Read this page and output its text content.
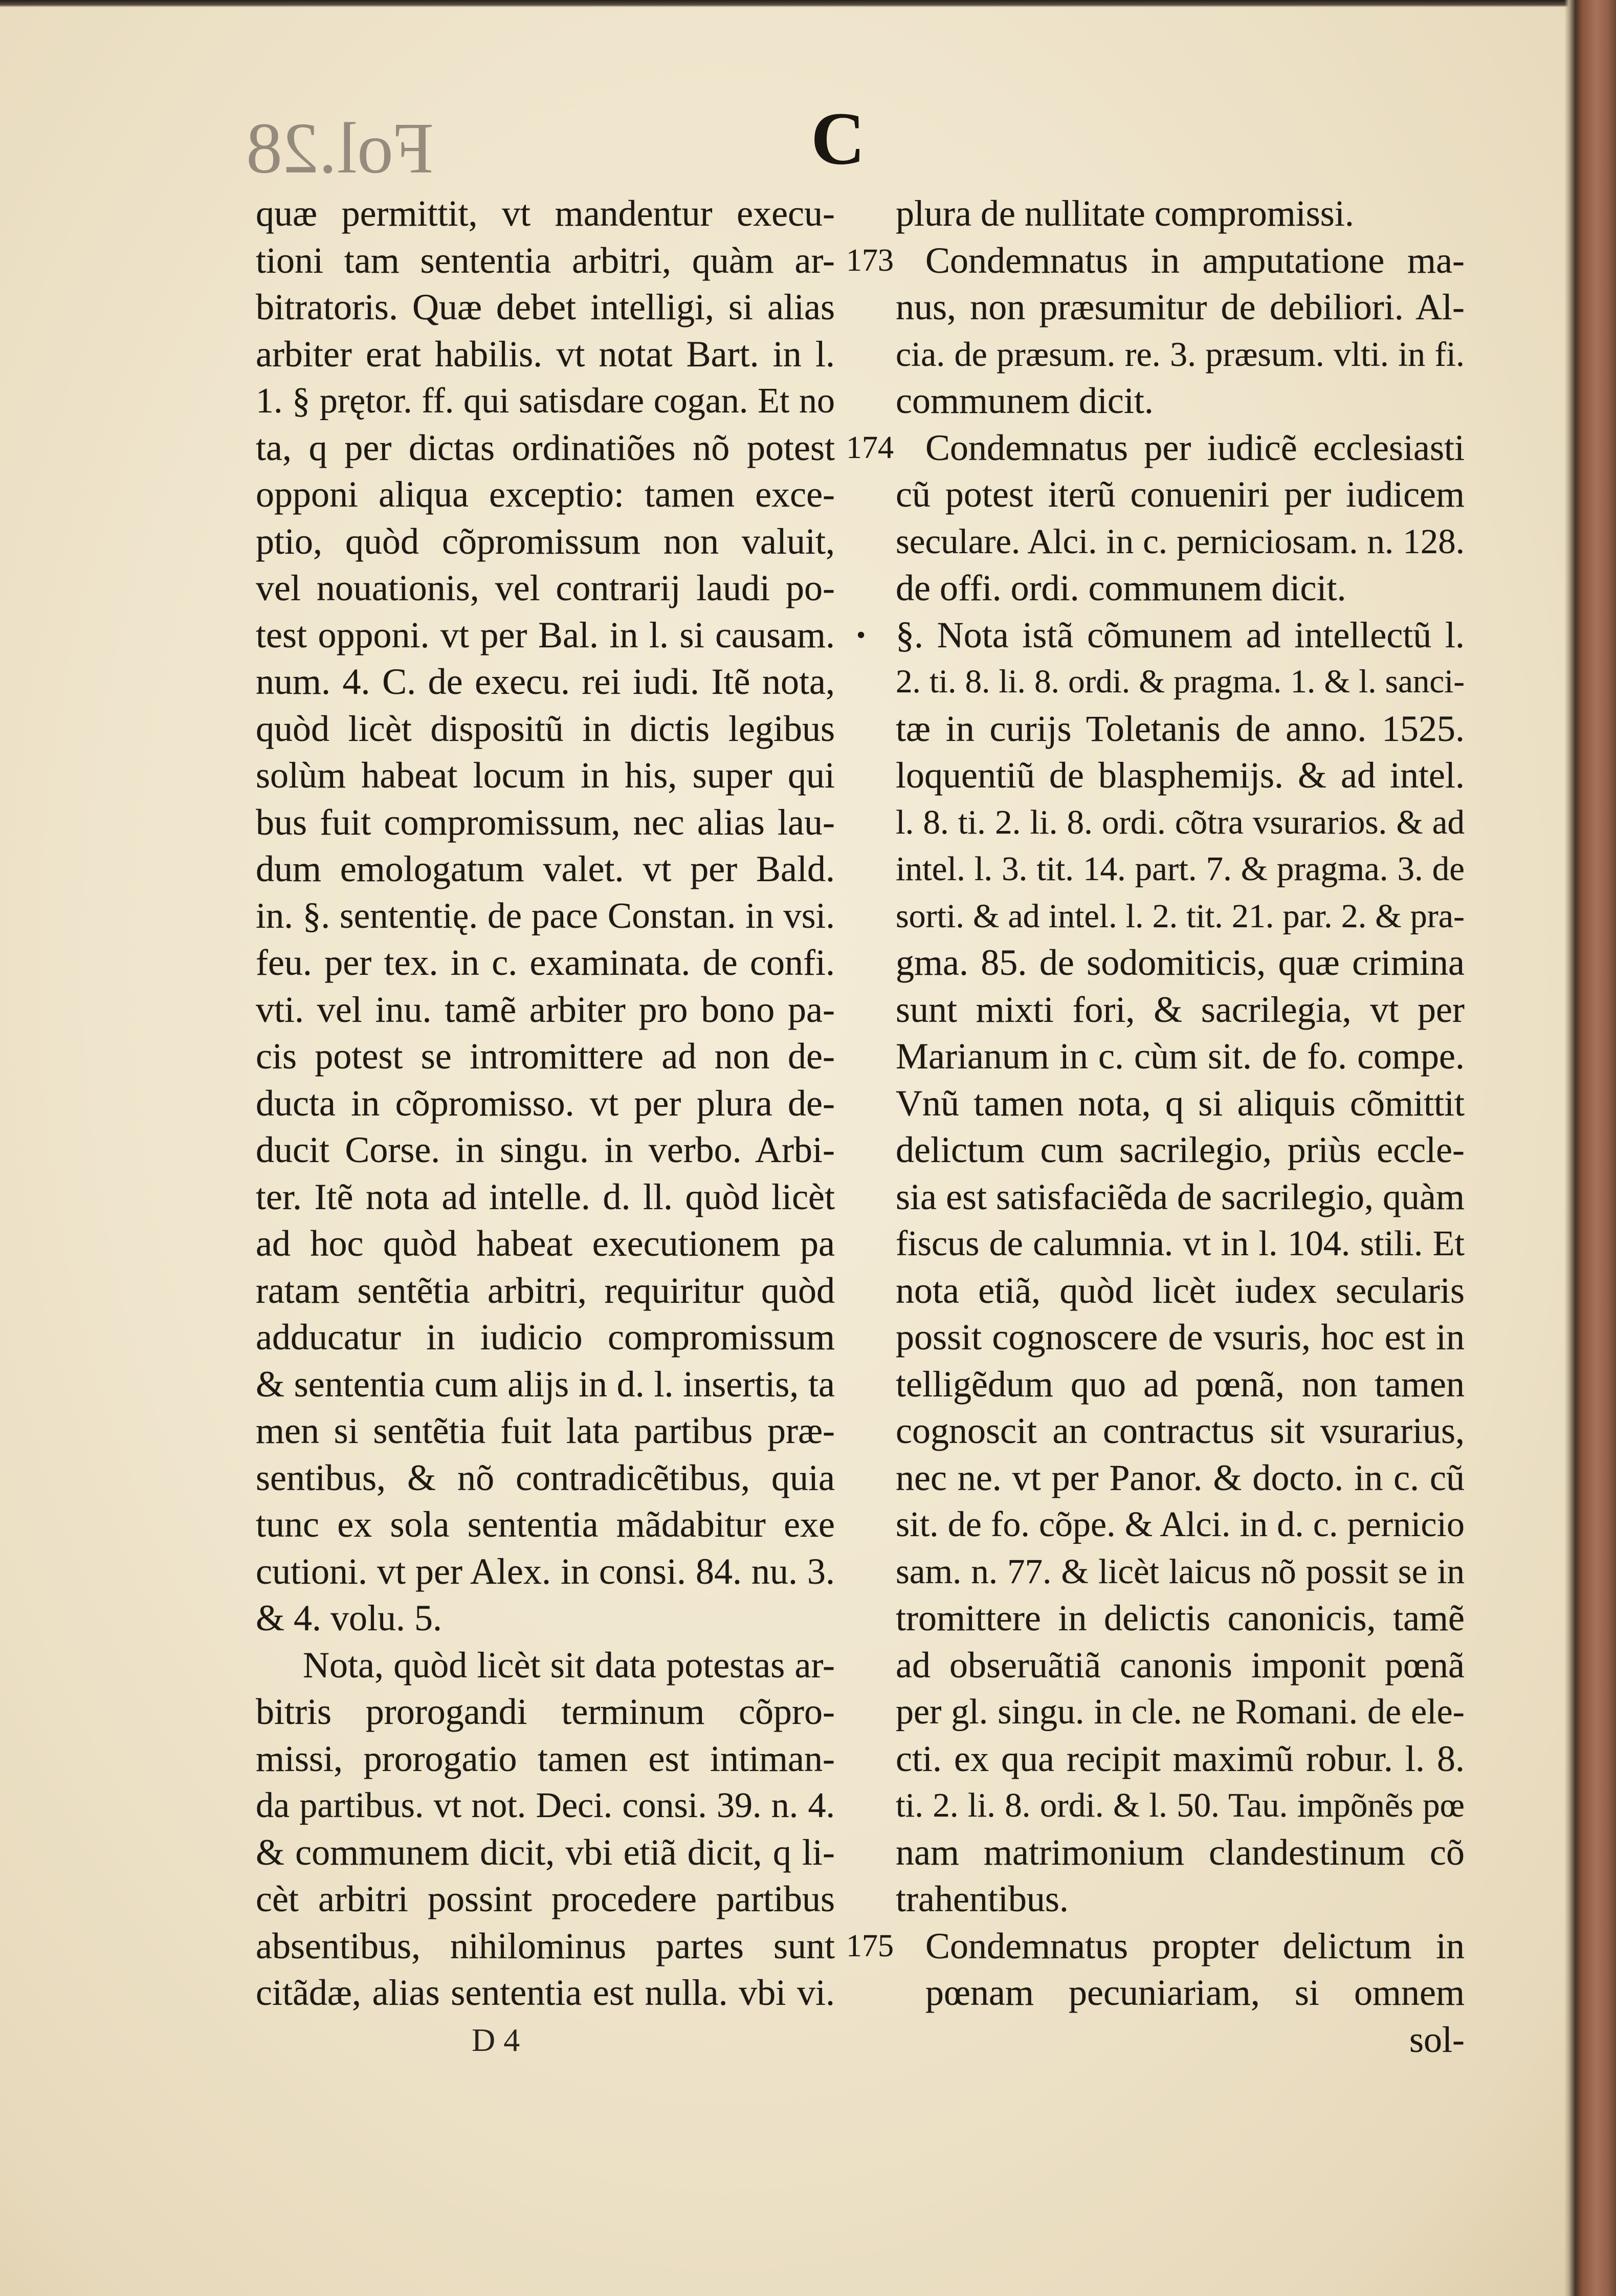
Fol.28	C
quæ permittit, vt mandentur execu-
tioni tam sententia arbitri, quàm ar-
bitratoris. Quæ debet intelligi, si alias
arbiter erat habilis. vt notat Bart. in l.
1. § prętor. ff. qui satisdare cogan. Et no
ta, q per dictas ordinatiões nõ potest
opponi aliqua exceptio: tamen exce-
ptio, quòd cõpromissum non valuit,
vel nouationis, vel contrarij laudi po-
test opponi. vt per Bal. in l. si causam.
num. 4. C. de execu. rei iudi. Itẽ nota,
quòd licèt dispositũ in dictis legibus
solùm habeat locum in his, super qui
bus fuit compromissum, nec alias lau-
dum emologatum valet. vt per Bald.
in. §. sententię. de pace Constan. in vsi.
feu. per tex. in c. examinata. de confi.
vti. vel inu. tamẽ arbiter pro bono pa-
cis potest se intromittere ad non de-
ducta in cõpromisso. vt per plura de-
ducit Corse. in singu. in verbo. Arbi-
ter. Itẽ nota ad intelle. d. ll. quòd licèt
ad hoc quòd habeat executionem pa
ratam sentẽtia arbitri, requiritur quòd
adducatur in iudicio compromissum
& sententia cum alijs in d. l. insertis, ta
men si sentẽtia fuit lata partibus præ-
sentibus, & nõ contradicẽtibus, quia
tunc ex sola sententia mãdabitur exe
cutioni. vt per Alex. in consi. 84. nu. 3.
& 4. volu. 5.
Nota, quòd licèt sit data potestas ar-
bitris prorogandi terminum cõpro-
missi, prorogatio tamen est intiman-
da partibus. vt not. Deci. consi. 39. n. 4.
& communem dicit, vbi etiã dicit, q li-
cèt arbitri possint procedere partibus
absentibus, nihilominus partes sunt
citãdæ, alias sententia est nulla. vbi vi.
D 4
173
174
175
•
plura de nullitate compromissi.
Condemnatus in amputatione ma-
nus, non præsumitur de debiliori. Al-
cia. de præsum. re. 3. præsum. vlti. in fi.
communem dicit.
Condemnatus per iudicẽ ecclesiasti
cũ potest iterũ conueniri per iudicem
seculare. Alci. in c. perniciosam. n. 128.
de offi. ordi. communem dicit.
§. Nota istã cõmunem ad intellectũ l.
2. ti. 8. li. 8. ordi. & pragma. 1. & l. sanci-
tæ in curijs Toletanis de anno. 1525.
loquentiũ de blasphemijs. & ad intel.
l. 8. ti. 2. li. 8. ordi. cõtra vsurarios. & ad
intel. l. 3. tit. 14. part. 7. & pragma. 3. de
sorti. & ad intel. l. 2. tit. 21. par. 2. & pra-
gma. 85. de sodomiticis, quæ crimina
sunt mixti fori, & sacrilegia, vt per
Marianum in c. cùm sit. de fo. compe.
Vnũ tamen nota, q si aliquis cõmittit
delictum cum sacrilegio, priùs eccle-
sia est satisfaciẽda de sacrilegio, quàm
fiscus de calumnia. vt in l. 104. stili. Et
nota etiã, quòd licèt iudex secularis
possit cognoscere de vsuris, hoc est in
telligẽdum quo ad pœnã, non tamen
cognoscit an contractus sit vsurarius,
nec ne. vt per Panor. & docto. in c. cũ
sit. de fo. cõpe. & Alci. in d. c. pernicio
sam. n. 77. & licèt laicus nõ possit se in
tromittere in delictis canonicis, tamẽ
ad obseruãtiã canonis imponit pœnã
per gl. singu. in cle. ne Romani. de ele-
cti. ex qua recipit maximũ robur. l. 8.
ti. 2. li. 8. ordi. & l. 50. Tau. impõnẽs pœ
nam matrimonium clandestinum cõ
trahentibus.
Condemnatus propter delictum in
pœnam pecuniariam, si omnem
sol-
